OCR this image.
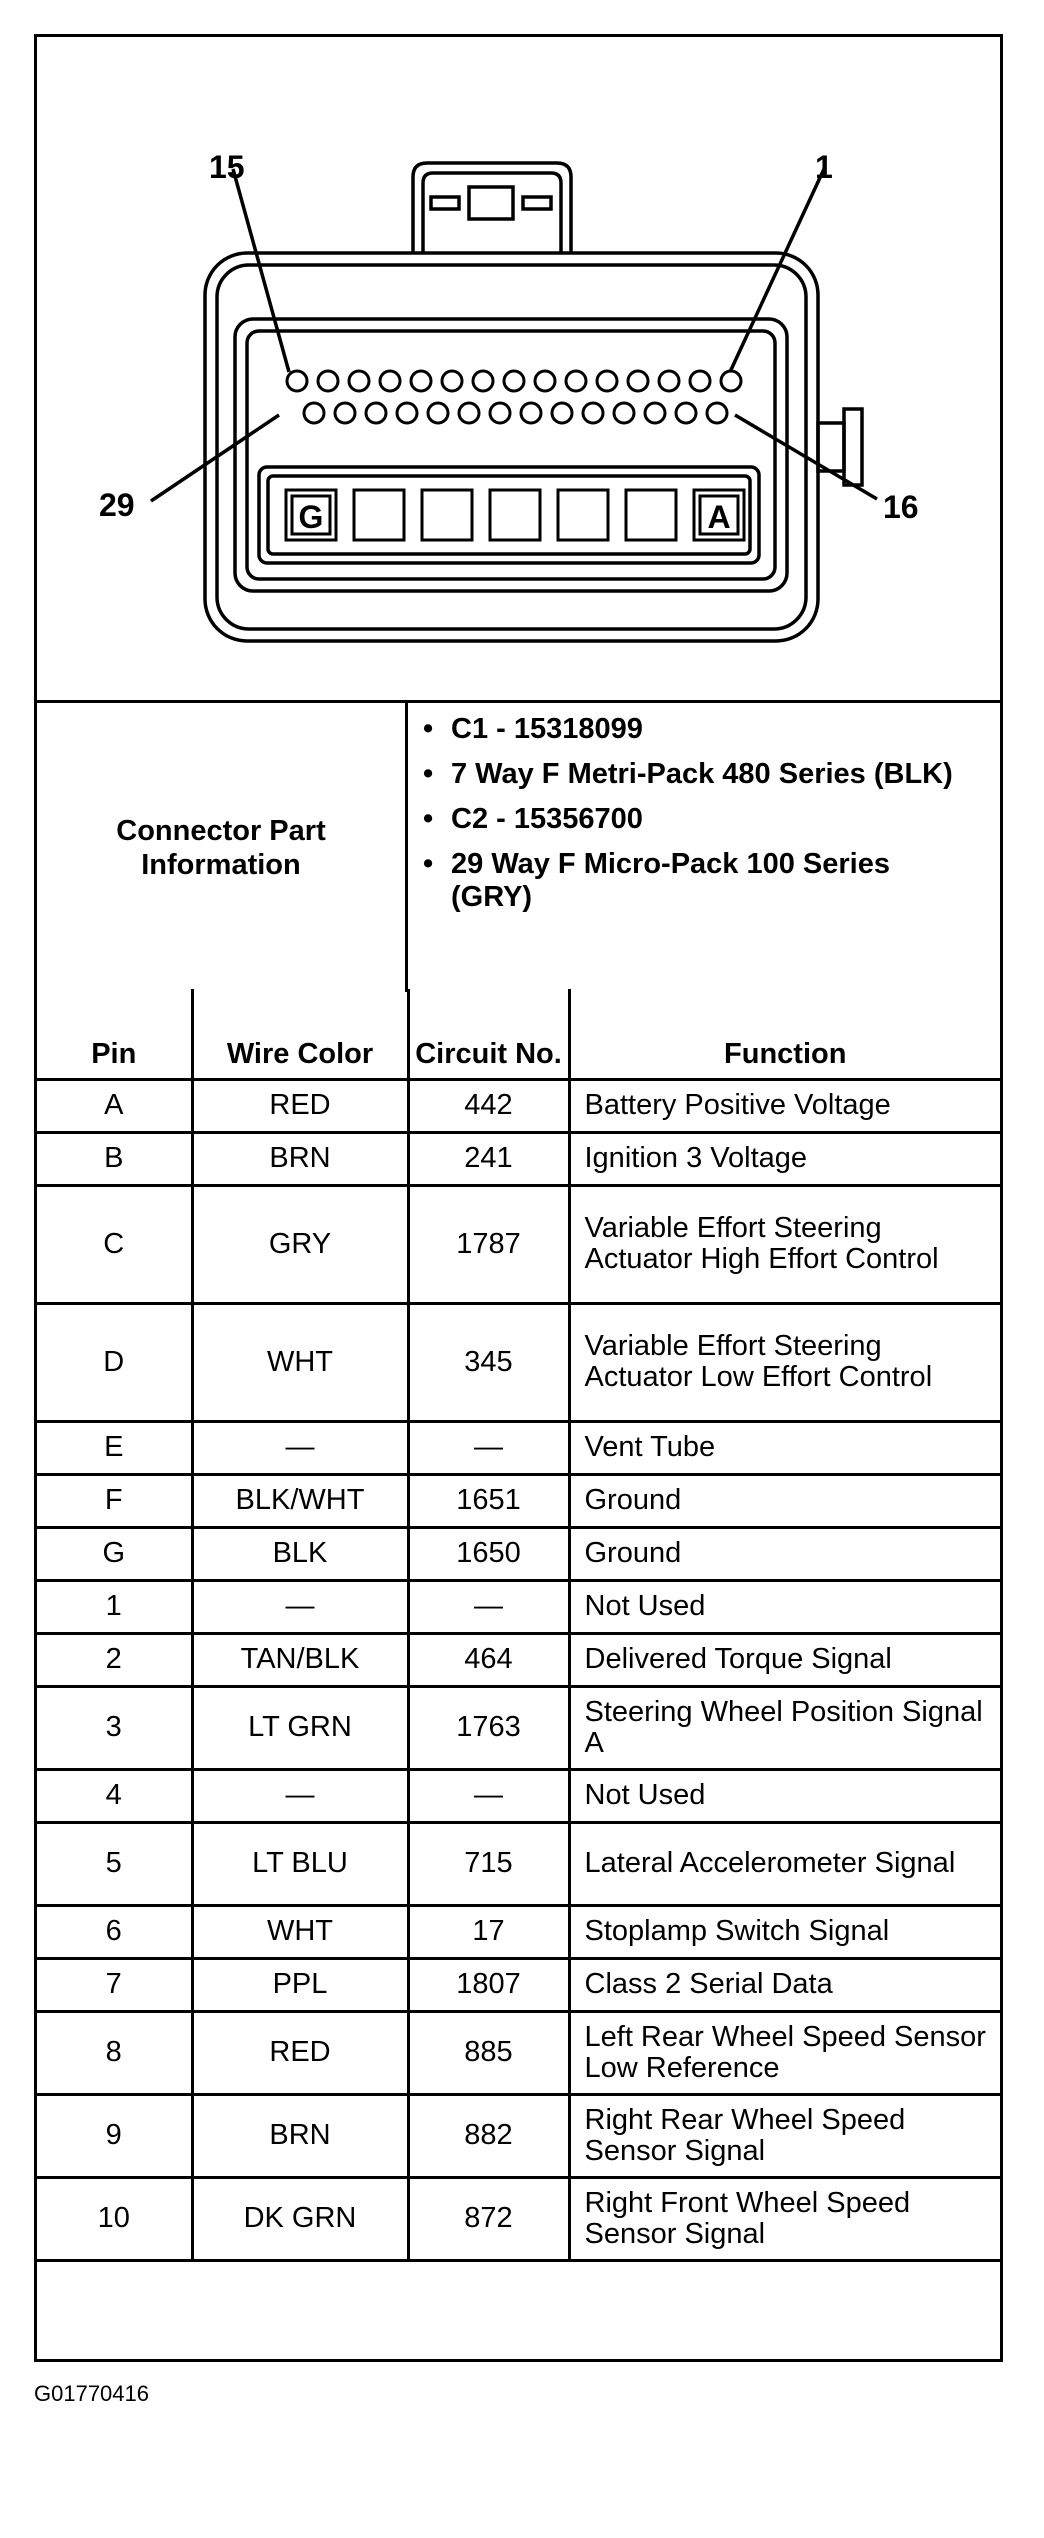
G	A
15	1
29	16
Connector Part Information
• C1 - 15318099
• 7 Way F Metri-Pack 480 Series (BLK)
• C2 - 15356700
• 29 Way F Micro-Pack 100 Series (GRY)
Pin	Wire Color	Circuit No.	Function
A	RED	442	Battery Positive Voltage
B	BRN	241	Ignition 3 Voltage
C	GRY	1787	Variable Effort Steering Actuator High Effort Control
D	WHT	345	Variable Effort Steering Actuator Low Effort Control
E	—	—	Vent Tube
F	BLK/WHT	1651	Ground
G	BLK	1650	Ground
1	—	—	Not Used
2	TAN/BLK	464	Delivered Torque Signal
3	LT GRN	1763	Steering Wheel Position Signal A
4	—	—	Not Used
5	LT BLU	715	Lateral Accelerometer Signal
6	WHT	17	Stoplamp Switch Signal
7	PPL	1807	Class 2 Serial Data
8	RED	885	Left Rear Wheel Speed Sensor Low Reference
9	BRN	882	Right Rear Wheel Speed Sensor Signal
10	DK GRN	872	Right Front Wheel Speed Sensor Signal
G01770416
